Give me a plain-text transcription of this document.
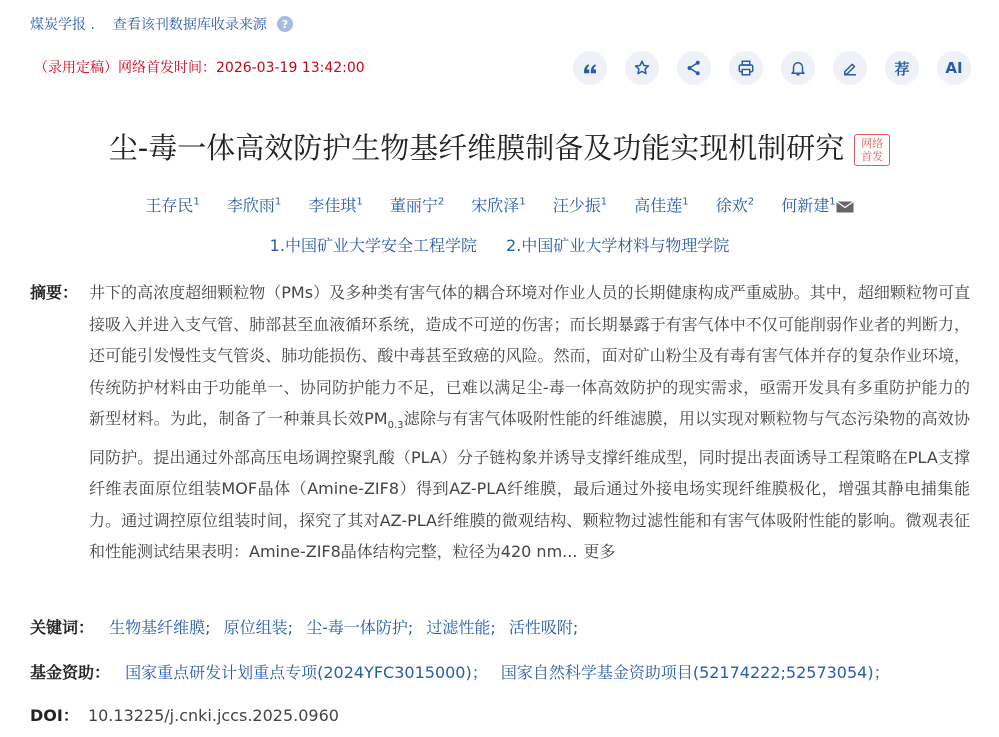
煤炭学报 . 查看该刊数据库收录来源	?
（录用定稿）网络首发时间：2026-03-19 13:42:00	荐	AI
尘-毒一体高效防护生物基纤维膜制备及功能实现机制研究 网络
首发
王存民$^1$ 李欣雨$^1$ 李佳琪$^1$ 董丽宁$^2$ 宋欣泽$^1$ 汪少振$^1$ 高佳莲$^1$ 徐欢$^2$ 何新建$^1$
1.中国矿业大学安全工程学院 2.中国矿业大学材料与物理学院
摘要： 井下的高浓度超细颗粒物（PMs）及多种类有害气体的耦合环境对作业人员的长期健康构成严重威胁。其中，超细颗粒物可直接吸入并进入支气管、肺部甚至血液循环系统，造成不可逆的伤害；而长期暴露于有害气体中不仅可能削弱作业者的判断力，还可能引发慢性支气管炎、肺功能损伤、酸中毒甚至致癌的风险。然而，面对矿山粉尘及有毒有害气体并存的复杂作业环境，传统防护材料由于功能单一、协同防护能力不足，已难以满足尘-毒一体高效防护的现实需求，亟需开发具有多重防护能力的新型材料。为此，制备了一种兼具长效$PM_{0.3}$滤除与有害气体吸附性能的纤维滤膜，用以实现对颗粒物与气态污染物的高效协同防护。提出通过外部高压电场调控聚乳酸（PLA）分子链构象并诱导支撑纤维成型，同时提出表面诱导工程策略在PLA支撑纤维表面原位组装MOF晶体（Amine-ZIF8）得到AZ-PLA纤维膜，最后通过外接电场实现纤维膜极化，增强其静电捕集能力。通过调控原位组装时间，探究了其对AZ-PLA纤维膜的微观结构、颗粒物过滤性能和有害气体吸附性能的影响。微观表征和性能测试结果表明：Amine-ZIF8晶体结构完整，粒径为420 nm... 更多
关键词： 生物基纤维膜; 原位组装; 尘-毒一体防护; 过滤性能; 活性吸附;
基金资助： 国家重点研发计划重点专项(2024YFC3015000)； 国家自然科学基金资助项目(52174222;52573054)；
DOI： 10.13225/j.cnki.jccs.2025.0960
